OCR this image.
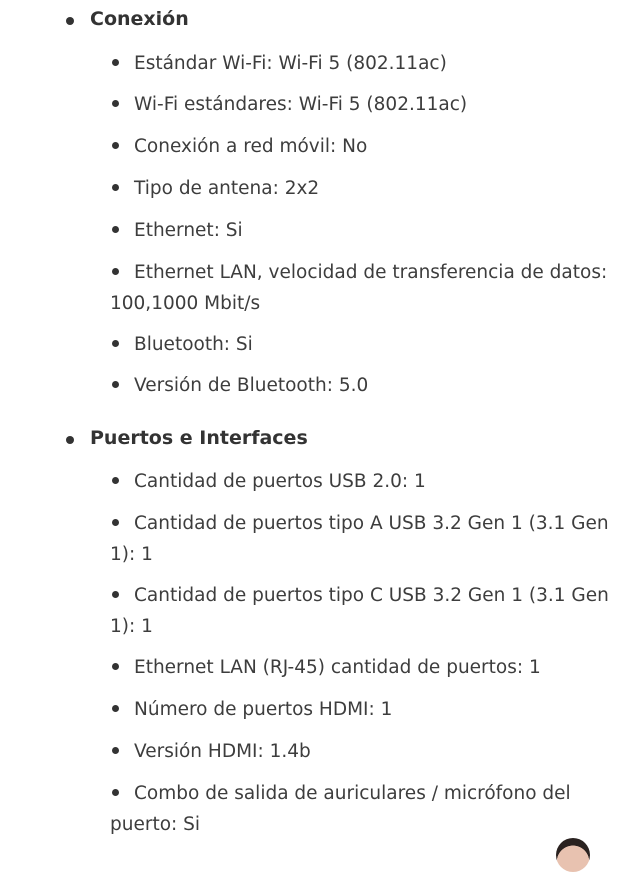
Conexión
Estándar Wi-Fi: Wi-Fi 5 (802.11ac)
Wi-Fi estándares: Wi-Fi 5 (802.11ac)
Conexión a red móvil: No
Tipo de antena: 2x2
Ethernet: Si
Ethernet LAN, velocidad de transferencia de datos: 100,1000 Mbit/s
Bluetooth: Si
Versión de Bluetooth: 5.0
Puertos e Interfaces
Cantidad de puertos USB 2.0: 1
Cantidad de puertos tipo A USB 3.2 Gen 1 (3.1 Gen 1): 1
Cantidad de puertos tipo C USB 3.2 Gen 1 (3.1 Gen 1): 1
Ethernet LAN (RJ-45) cantidad de puertos: 1
Número de puertos HDMI: 1
Versión HDMI: 1.4b
Combo de salida de auriculares / micrófono del puerto: Si
